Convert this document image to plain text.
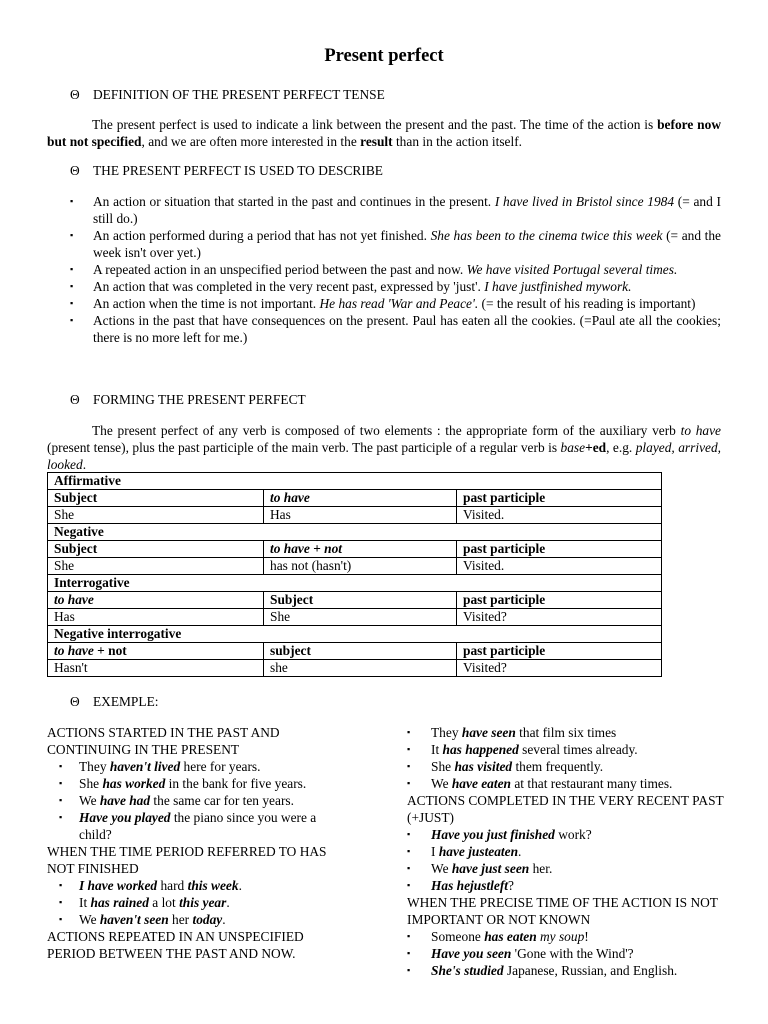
Present perfect
Θ DEFINITION OF THE PRESENT PERFECT TENSE
The present perfect is used to indicate a link between the present and the past. The time of the action is before now but not specified, and we are often more interested in the result than in the action itself.
Θ THE PRESENT PERFECT IS USED TO DESCRIBE
▪ An action or situation that started in the past and continues in the present. I have lived in Bristol since 1984 (= and I still do.)
▪ An action performed during a period that has not yet finished. She has been to the cinema twice this week (= and the week isn't over yet.)
▪ A repeated action in an unspecified period between the past and now. We have visited Portugal several times.
▪ An action that was completed in the very recent past, expressed by 'just'. I have justfinished mywork.
▪ An action when the time is not important. He has read 'War and Peace'. (= the result of his reading is important)
▪ Actions in the past that have consequences on the present. Paul has eaten all the cookies. (=Paul ate all the cookies; there is no more left for me.)
Θ FORMING THE PRESENT PERFECT
The present perfect of any verb is composed of two elements : the appropriate form of the auxiliary verb to have (present tense), plus the past participle of the main verb. The past participle of a regular verb is base+ed, e.g. played, arrived, looked.
Affirmative		
Subject	to have	past participle
She	Has	Visited.
Negative		
Subject	to have + not	past participle
She	has not (hasn't)	Visited.
Interrogative		
to have	Subject	past participle
Has	She	Visited?
Negative interrogative		
to have + not	subject	past participle
Hasn't	she	Visited?
Θ EXEMPLE:
ACTIONS STARTED IN THE PAST AND CONTINUING IN THE PRESENT
▪ They haven't lived here for years.
▪ She has worked in the bank for five years.
▪ We have had the same car for ten years.
▪ Have you played the piano since you were a child?
WHEN THE TIME PERIOD REFERRED TO HAS NOT FINISHED
▪ I have worked hard this week.
▪ It has rained a lot this year.
▪ We haven't seen her today.
ACTIONS REPEATED IN AN UNSPECIFIED PERIOD BETWEEN THE PAST AND NOW.
▪ They have seen that film six times
▪ It has happened several times already.
▪ She has visited them frequently.
▪ We have eaten at that restaurant many times.
ACTIONS COMPLETED IN THE VERY RECENT PAST (+JUST)
▪ Have you just finished work?
▪ I have justeaten.
▪ We have just seen her.
▪ Has hejustleft?
WHEN THE PRECISE TIME OF THE ACTION IS NOT IMPORTANT OR NOT KNOWN
▪ Someone has eaten my soup!
▪ Have you seen 'Gone with the Wind'?
▪ She's studied Japanese, Russian, and English.
